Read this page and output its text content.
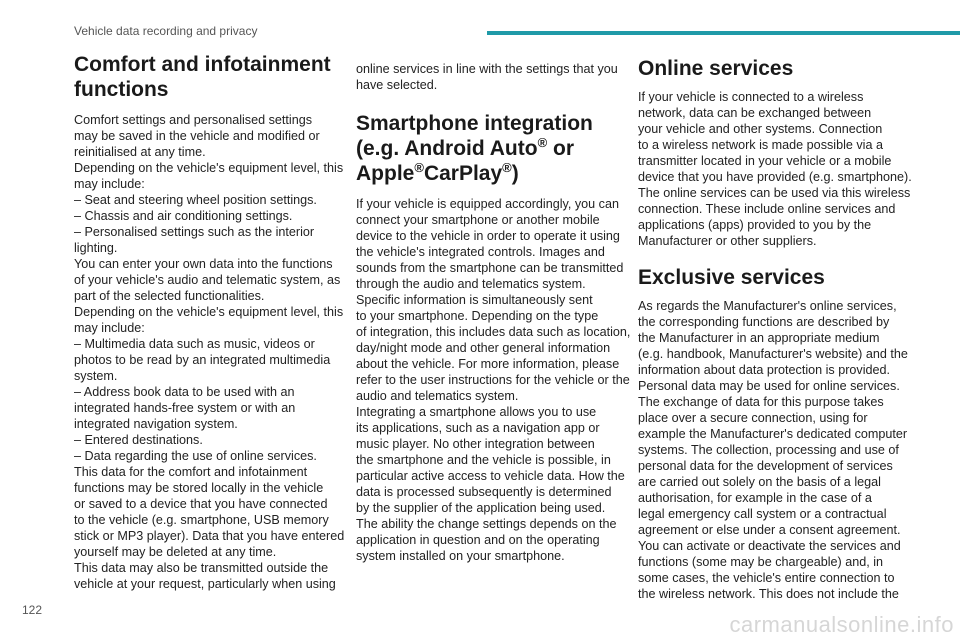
Vehicle data recording and privacy
Comfort and infotainment
functions
Comfort settings and personalised settings
may be saved in the vehicle and modified or
reinitialised at any time.
Depending on the vehicle's equipment level, this
may include:
– Seat and steering wheel position settings.
– Chassis and air conditioning settings.
– Personalised settings such as the interior
lighting.
You can enter your own data into the functions
of your vehicle's audio and telematic system, as
part of the selected functionalities.
Depending on the vehicle's equipment level, this
may include:
– Multimedia data such as music, videos or
photos to be read by an integrated multimedia
system.
– Address book data to be used with an
integrated hands-free system or with an
integrated navigation system.
– Entered destinations.
– Data regarding the use of online services.
This data for the comfort and infotainment
functions may be stored locally in the vehicle
or saved to a device that you have connected
to the vehicle (e.g. smartphone, USB memory
stick or MP3 player). Data that you have entered
yourself may be deleted at any time.
This data may also be transmitted outside the
vehicle at your request, particularly when using
online services in line with the settings that you
have selected.
Smartphone integration
(e.g. Android Auto® or
Apple®CarPlay®)
If your vehicle is equipped accordingly, you can
connect your smartphone or another mobile
device to the vehicle in order to operate it using
the vehicle's integrated controls. Images and
sounds from the smartphone can be transmitted
through the audio and telematics system.
Specific information is simultaneously sent
to your smartphone. Depending on the type
of integration, this includes data such as location,
day/night mode and other general information
about the vehicle. For more information, please
refer to the user instructions for the vehicle or the
audio and telematics system.
Integrating a smartphone allows you to use
its applications, such as a navigation app or
music player. No other integration between
the smartphone and the vehicle is possible, in
particular active access to vehicle data. How the
data is processed subsequently is determined
by the supplier of the application being used.
The ability the change settings depends on the
application in question and on the operating
system installed on your smartphone.
Online services
If your vehicle is connected to a wireless
network, data can be exchanged between
your vehicle and other systems. Connection
to a wireless network is made possible via a
transmitter located in your vehicle or a mobile
device that you have provided (e.g. smartphone).
The online services can be used via this wireless
connection. These include online services and
applications (apps) provided to you by the
Manufacturer or other suppliers.
Exclusive services
As regards the Manufacturer's online services,
the corresponding functions are described by
the Manufacturer in an appropriate medium
(e.g. handbook, Manufacturer's website) and the
information about data protection is provided.
Personal data may be used for online services.
The exchange of data for this purpose takes
place over a secure connection, using for
example the Manufacturer's dedicated computer
systems. The collection, processing and use of
personal data for the development of services
are carried out solely on the basis of a legal
authorisation, for example in the case of a
legal emergency call system or a contractual
agreement or else under a consent agreement.
You can activate or deactivate the services and
functions (some may be chargeable) and, in
some cases, the vehicle's entire connection to
the wireless network. This does not include the
122
carmanualsonline.info
